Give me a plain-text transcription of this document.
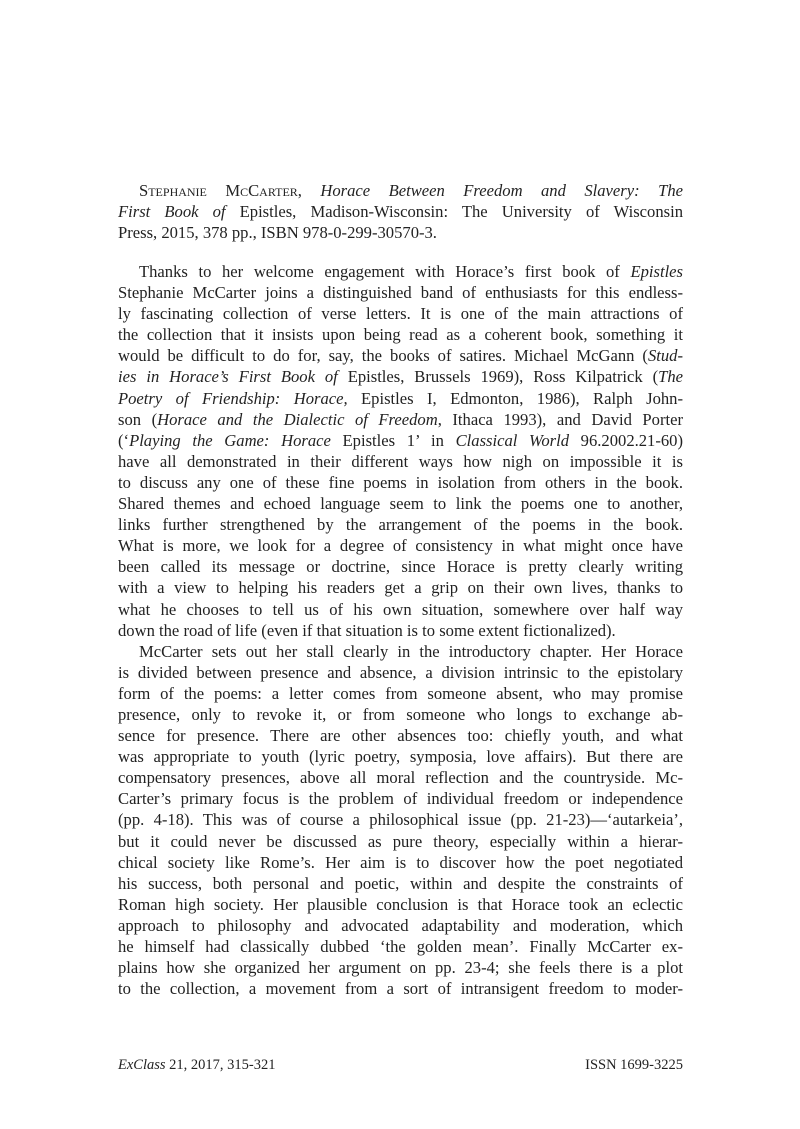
Stephanie McCarter, Horace Between Freedom and Slavery: The
First Book of Epistles, Madison-Wisconsin: The University of Wisconsin
Press, 2015, 378 pp., ISBN 978-0-299-30570-3.
Thanks to her welcome engagement with Horace’s first book of Epistles
Stephanie McCarter joins a distinguished band of enthusiasts for this endless-
ly fascinating collection of verse letters. It is one of the main attractions of
the collection that it insists upon being read as a coherent book, something it
would be difficult to do for, say, the books of satires. Michael McGann (Stud-
ies in Horace’s First Book of Epistles, Brussels 1969), Ross Kilpatrick (The
Poetry of Friendship: Horace, Epistles I, Edmonton, 1986), Ralph John-
son (Horace and the Dialectic of Freedom, Ithaca 1993), and David Porter
(‘Playing the Game: Horace Epistles 1’ in Classical World 96.2002.21-60)
have all demonstrated in their different ways how nigh on impossible it is
to discuss any one of these fine poems in isolation from others in the book.
Shared themes and echoed language seem to link the poems one to another,
links further strengthened by the arrangement of the poems in the book.
What is more, we look for a degree of consistency in what might once have
been called its message or doctrine, since Horace is pretty clearly writing
with a view to helping his readers get a grip on their own lives, thanks to
what he chooses to tell us of his own situation, somewhere over half way
down the road of life (even if that situation is to some extent fictionalized).
McCarter sets out her stall clearly in the introductory chapter. Her Horace
is divided between presence and absence, a division intrinsic to the epistolary
form of the poems: a letter comes from someone absent, who may promise
presence, only to revoke it, or from someone who longs to exchange ab-
sence for presence. There are other absences too: chiefly youth, and what
was appropriate to youth (lyric poetry, symposia, love affairs). But there are
compensatory presences, above all moral reflection and the countryside. Mc-
Carter’s primary focus is the problem of individual freedom or independence
(pp. 4-18). This was of course a philosophical issue (pp. 21-23)—‘autarkeia’,
but it could never be discussed as pure theory, especially within a hierar-
chical society like Rome’s. Her aim is to discover how the poet negotiated
his success, both personal and poetic, within and despite the constraints of
Roman high society. Her plausible conclusion is that Horace took an eclectic
approach to philosophy and advocated adaptability and moderation, which
he himself had classically dubbed ‘the golden mean’. Finally McCarter ex-
plains how she organized her argument on pp. 23-4; she feels there is a plot
to the collection, a movement from a sort of intransigent freedom to moder-
ExClass 21, 2017, 315-321	ISSN 1699-3225
